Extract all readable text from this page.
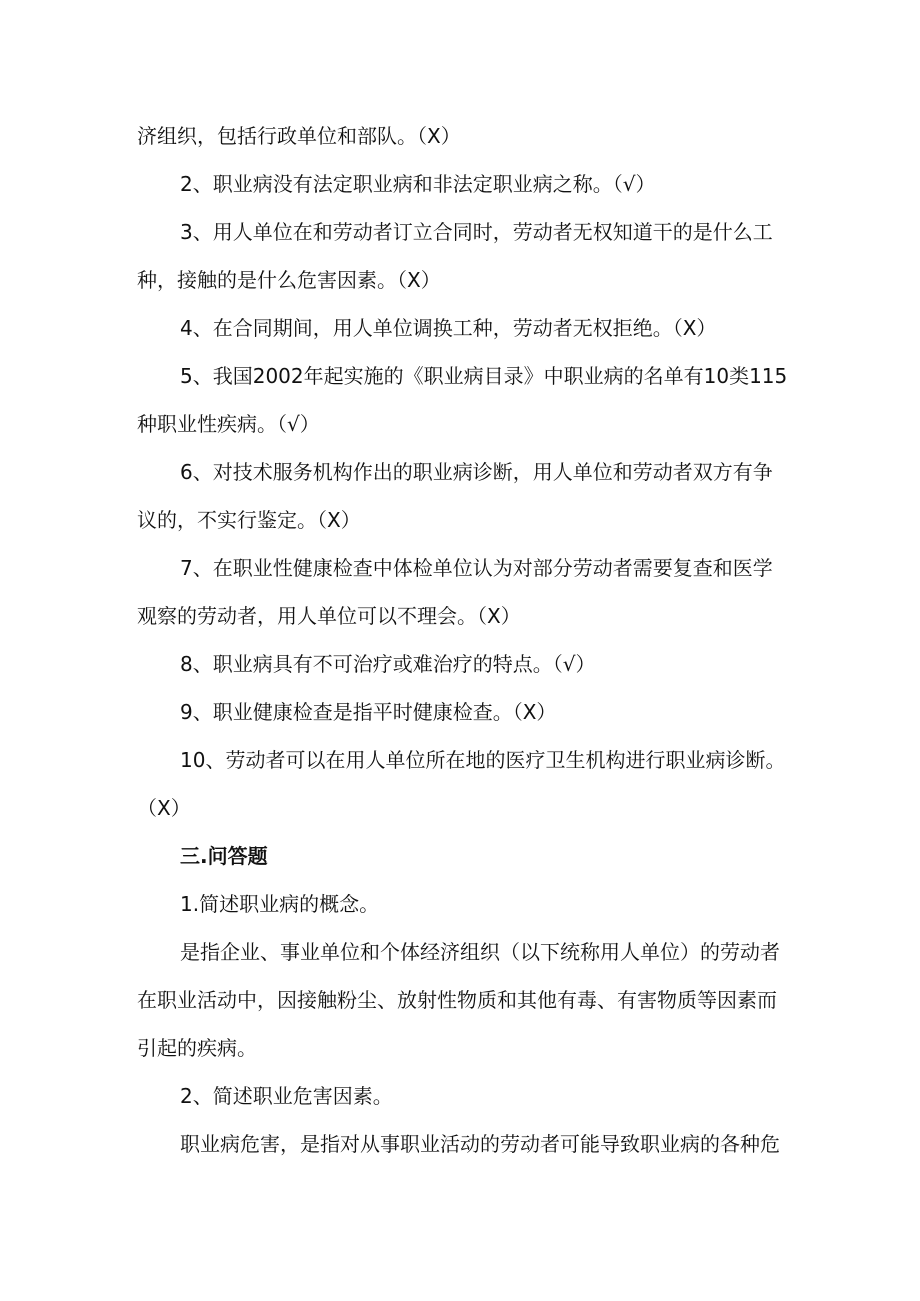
济组织，包括行政单位和部队。（X）
2、职业病没有法定职业病和非法定职业病之称。（√）
3、用人单位在和劳动者订立合同时，劳动者无权知道干的是什么工
种，接触的是什么危害因素。（X）
4、在合同期间，用人单位调换工种，劳动者无权拒绝。（X）
5、我国2002年起实施的《职业病目录》中职业病的名单有10类115
种职业性疾病。（√）
6、对技术服务机构作出的职业病诊断，用人单位和劳动者双方有争
议的，不实行鉴定。（X）
7、在职业性健康检查中体检单位认为对部分劳动者需要复查和医学
观察的劳动者，用人单位可以不理会。（X）
8、职业病具有不可治疗或难治疗的特点。（√）
9、职业健康检查是指平时健康检查。（X）
10、劳动者可以在用人单位所在地的医疗卫生机构进行职业病诊断。
（X）
三.问答题
1.简述职业病的概念。
是指企业、事业单位和个体经济组织（以下统称用人单位）的劳动者
在职业活动中，因接触粉尘、放射性物质和其他有毒、有害物质等因素而
引起的疾病。
2、简述职业危害因素。
职业病危害，是指对从事职业活动的劳动者可能导致职业病的各种危
